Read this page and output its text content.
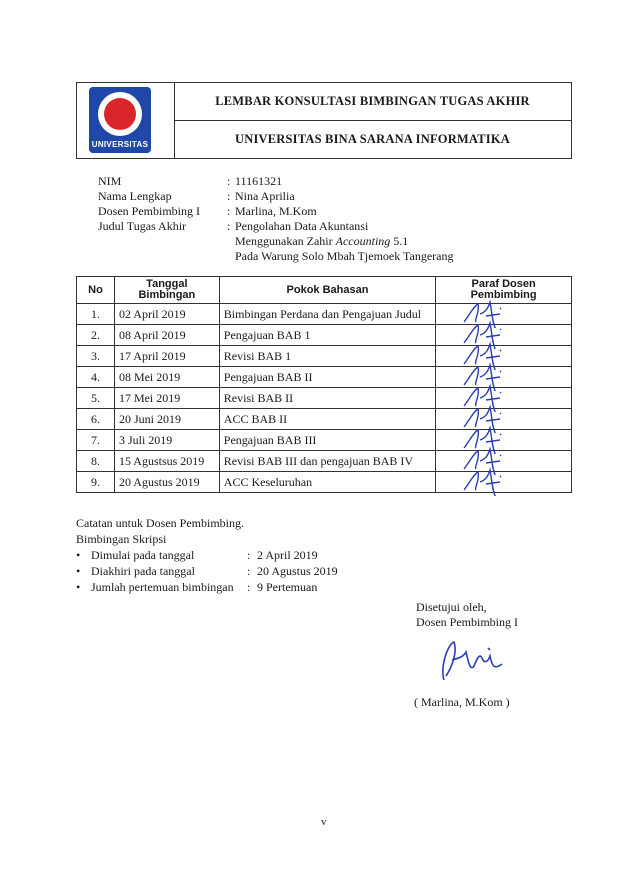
UNIVERSITAS
LEMBAR KONSULTASI BIMBINGAN TUGAS AKHIR
UNIVERSITAS BINA SARANA INFORMATIKA
NIM	: 11161321
Nama Lengkap	: Nina Aprilia
Dosen Pembimbing I : Marlina, M.Kom
Judul Tugas Akhir	: Pengolahan Data Akuntansi
Menggunakan Zahir Accounting 5.1
Pada Warung Solo Mbah Tjemoek Tangerang
No	Tanggal Bimbingan	Pokok Bahasan	Paraf Dosen Pembimbing
1.	02 April 2019	Bimbingan Perdana dan Pengajuan Judul	

2.	08 April 2019	Pengajuan BAB 1	

3.	17 April 2019	Revisi BAB 1	

4.	08 Mei 2019	Pengajuan BAB II	

5.	17 Mei 2019	Revisi BAB II	

6.	20 Juni 2019	ACC BAB II	

7.	3 Juli 2019	Pengajuan BAB III	

8.	15 Agustsus 2019	Revisi BAB III dan pengajuan BAB IV	

9.	20 Agustus 2019	ACC Keseluruhan	
Catatan untuk Dosen Pembimbing.
Bimbingan Skripsi
• Dimulai pada tanggal	: 2 April 2019
• Diakhiri pada tanggal	: 20 Agustus 2019
• Jumlah pertemuan bimbingan : 9 Pertemuan
Disetujui oleh,
Dosen Pembimbing I
( Marlina, M.Kom )
v
